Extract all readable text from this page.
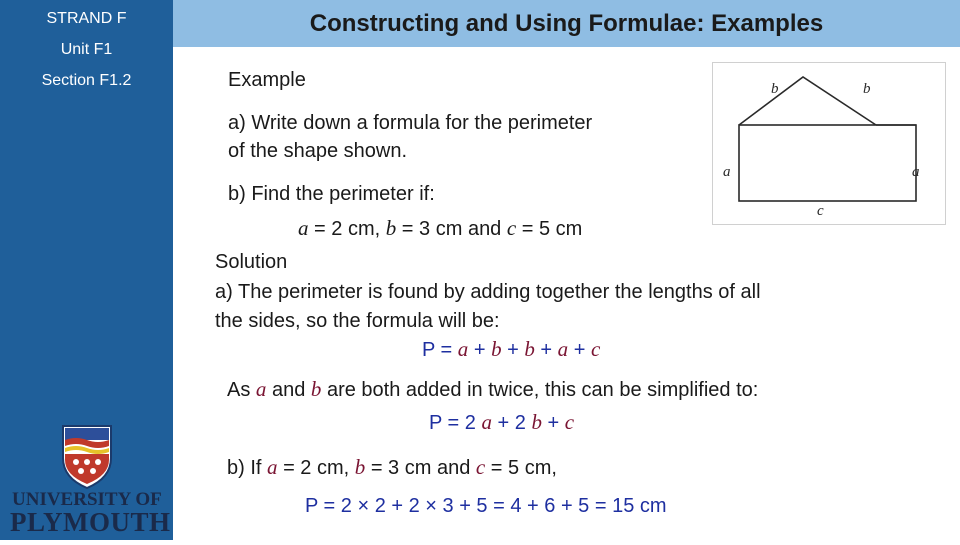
STRAND F
Unit F1
Section F1.2
UNIVERSITY OF
PLYMOUTH
Constructing and Using Formulae: Examples
Example
a) Write down a formula for the perimeter
of the shape shown.
b) Find the perimeter if:
a = 2 cm, b = 3 cm and c = 5 cm
b	b
a	a
c
Solution
a) The perimeter is found by adding together the lengths of all
the sides, so the formula will be:
P = a + b + b + a + c
As a and b are both added in twice, this can be simplified to:
P = 2 a + 2 b + c
b) If a = 2 cm, b = 3 cm and c = 5 cm,
P = 2 × 2 + 2 × 3 + 5 = 4 + 6 + 5 = 15 cm
